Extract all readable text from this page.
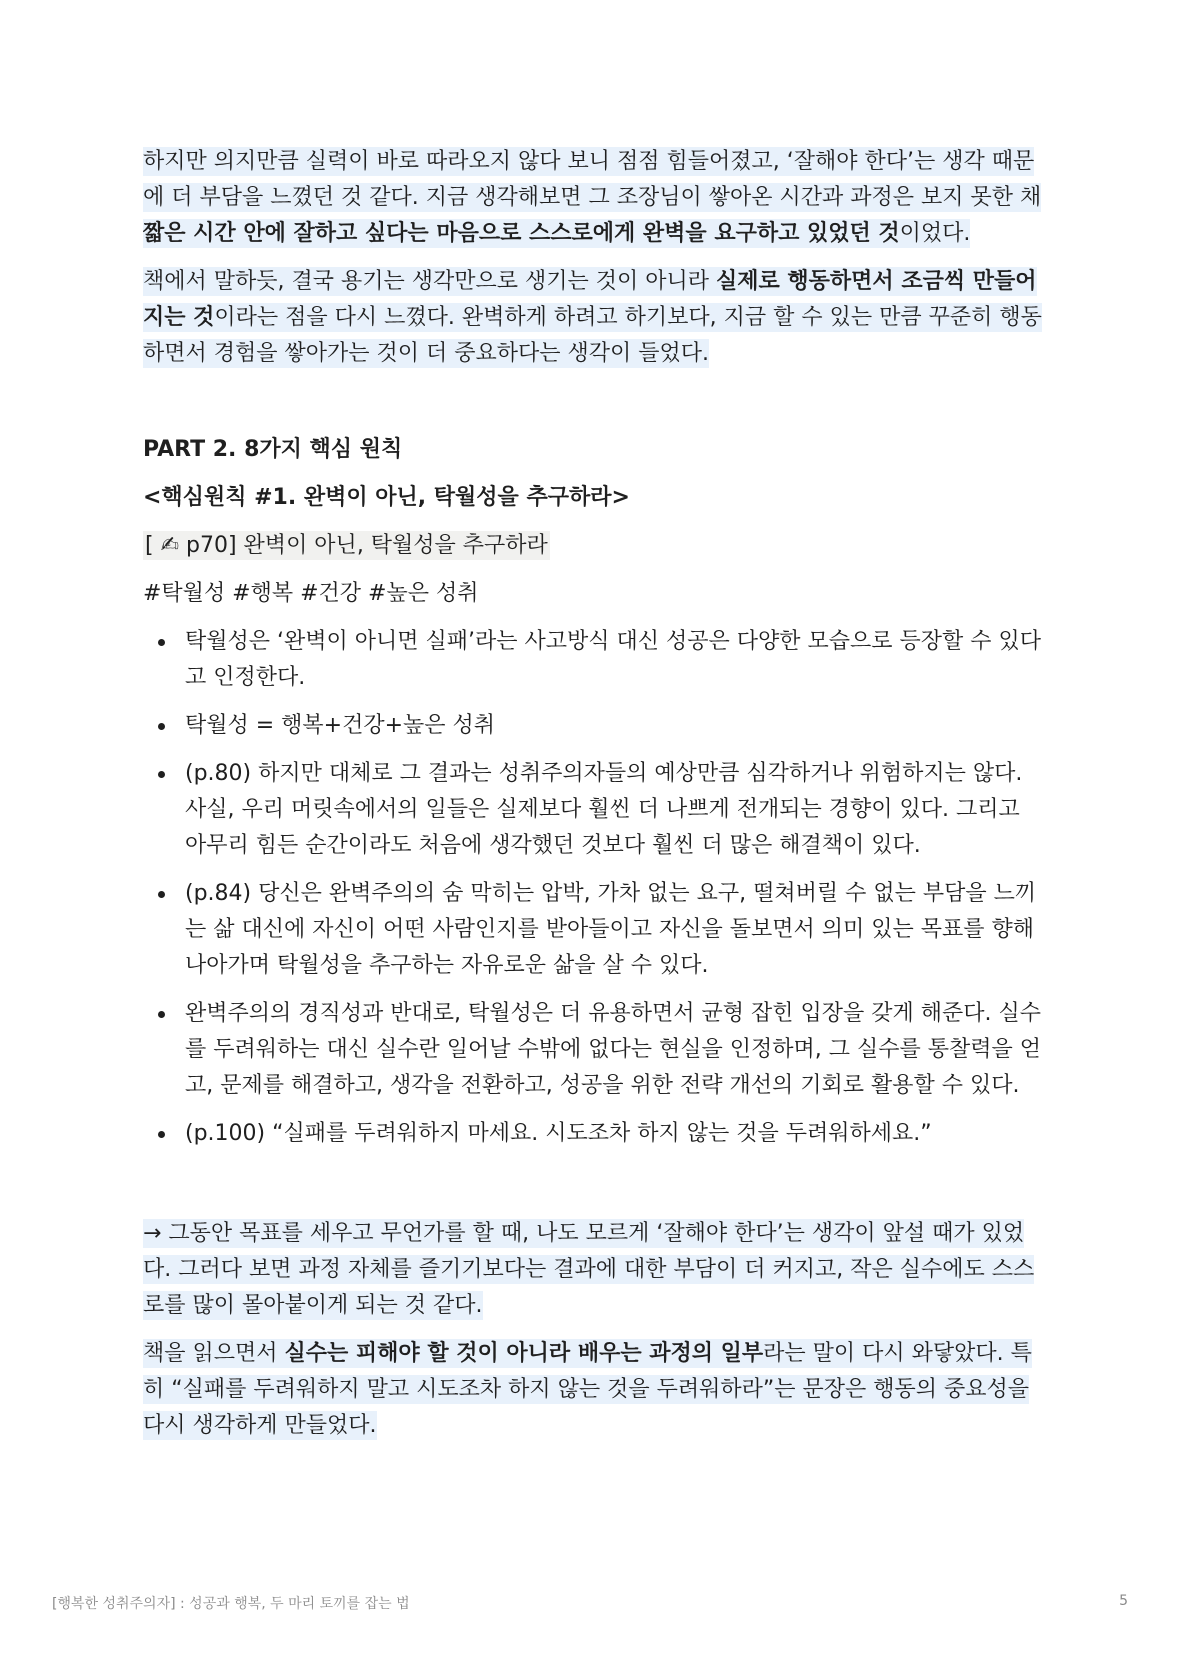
하지만 의지만큼 실력이 바로 따라오지 않다 보니 점점 힘들어졌고, ‘잘해야 한다’는 생각 때문에 더 부담을 느꼈던 것 같다. 지금 생각해보면 그 조장님이 쌓아온 시간과 과정은 보지 못한 채 짧은 시간 안에 잘하고 싶다는 마음으로 스스로에게 완벽을 요구하고 있었던 것이었다.

책에서 말하듯, 결국 용기는 생각만으로 생기는 것이 아니라 실제로 행동하면서 조금씩 만들어지는 것이라는 점을 다시 느꼈다. 완벽하게 하려고 하기보다, 지금 할 수 있는 만큼 꾸준히 행동하면서 경험을 쌓아가는 것이 더 중요하다는 생각이 들었다.

PART 2. 8가지 핵심 원칙
<핵심원칙 #1. 완벽이 아닌, 탁월성을 추구하라>
[ ✍ p70] 완벽이 아닌, 탁월성을 추구하라
#탁월성 #행복 #건강 #높은 성취
탁월성은 ‘완벽이 아니면 실패’라는 사고방식 대신 성공은 다양한 모습으로 등장할 수 있다고 인정한다.
탁월성 = 행복+건강+높은 성취
(p.80) 하지만 대체로 그 결과는 성취주의자들의 예상만큼 심각하거나 위험하지는 않다. 사실, 우리 머릿속에서의 일들은 실제보다 훨씬 더 나쁘게 전개되는 경향이 있다. 그리고 아무리 힘든 순간이라도 처음에 생각했던 것보다 훨씬 더 많은 해결책이 있다.
(p.84) 당신은 완벽주의의 숨 막히는 압박, 가차 없는 요구, 떨쳐버릴 수 없는 부담을 느끼는 삶 대신에 자신이 어떤 사람인지를 받아들이고 자신을 돌보면서 의미 있는 목표를 향해 나아가며 탁월성을 추구하는 자유로운 삶을 살 수 있다.
완벽주의의 경직성과 반대로, 탁월성은 더 유용하면서 균형 잡힌 입장을 갖게 해준다. 실수를 두려워하는 대신 실수란 일어날 수밖에 없다는 현실을 인정하며, 그 실수를 통찰력을 얻고, 문제를 해결하고, 생각을 전환하고, 성공을 위한 전략 개선의 기회로 활용할 수 있다.
(p.100) “실패를 두려워하지 마세요. 시도조차 하지 않는 것을 두려워하세요.”

→ 그동안 목표를 세우고 무언가를 할 때, 나도 모르게 ‘잘해야 한다’는 생각이 앞설 때가 있었다. 그러다 보면 과정 자체를 즐기기보다는 결과에 대한 부담이 더 커지고, 작은 실수에도 스스로를 많이 몰아붙이게 되는 것 같다.

책을 읽으면서 실수는 피해야 할 것이 아니라 배우는 과정의 일부라는 말이 다시 와닿았다. 특히 “실패를 두려워하지 말고 시도조차 하지 않는 것을 두려워하라”는 문장은 행동의 중요성을 다시 생각하게 만들었다.

[행복한 성취주의자] : 성공과 행복, 두 마리 토끼를 잡는 법	5
